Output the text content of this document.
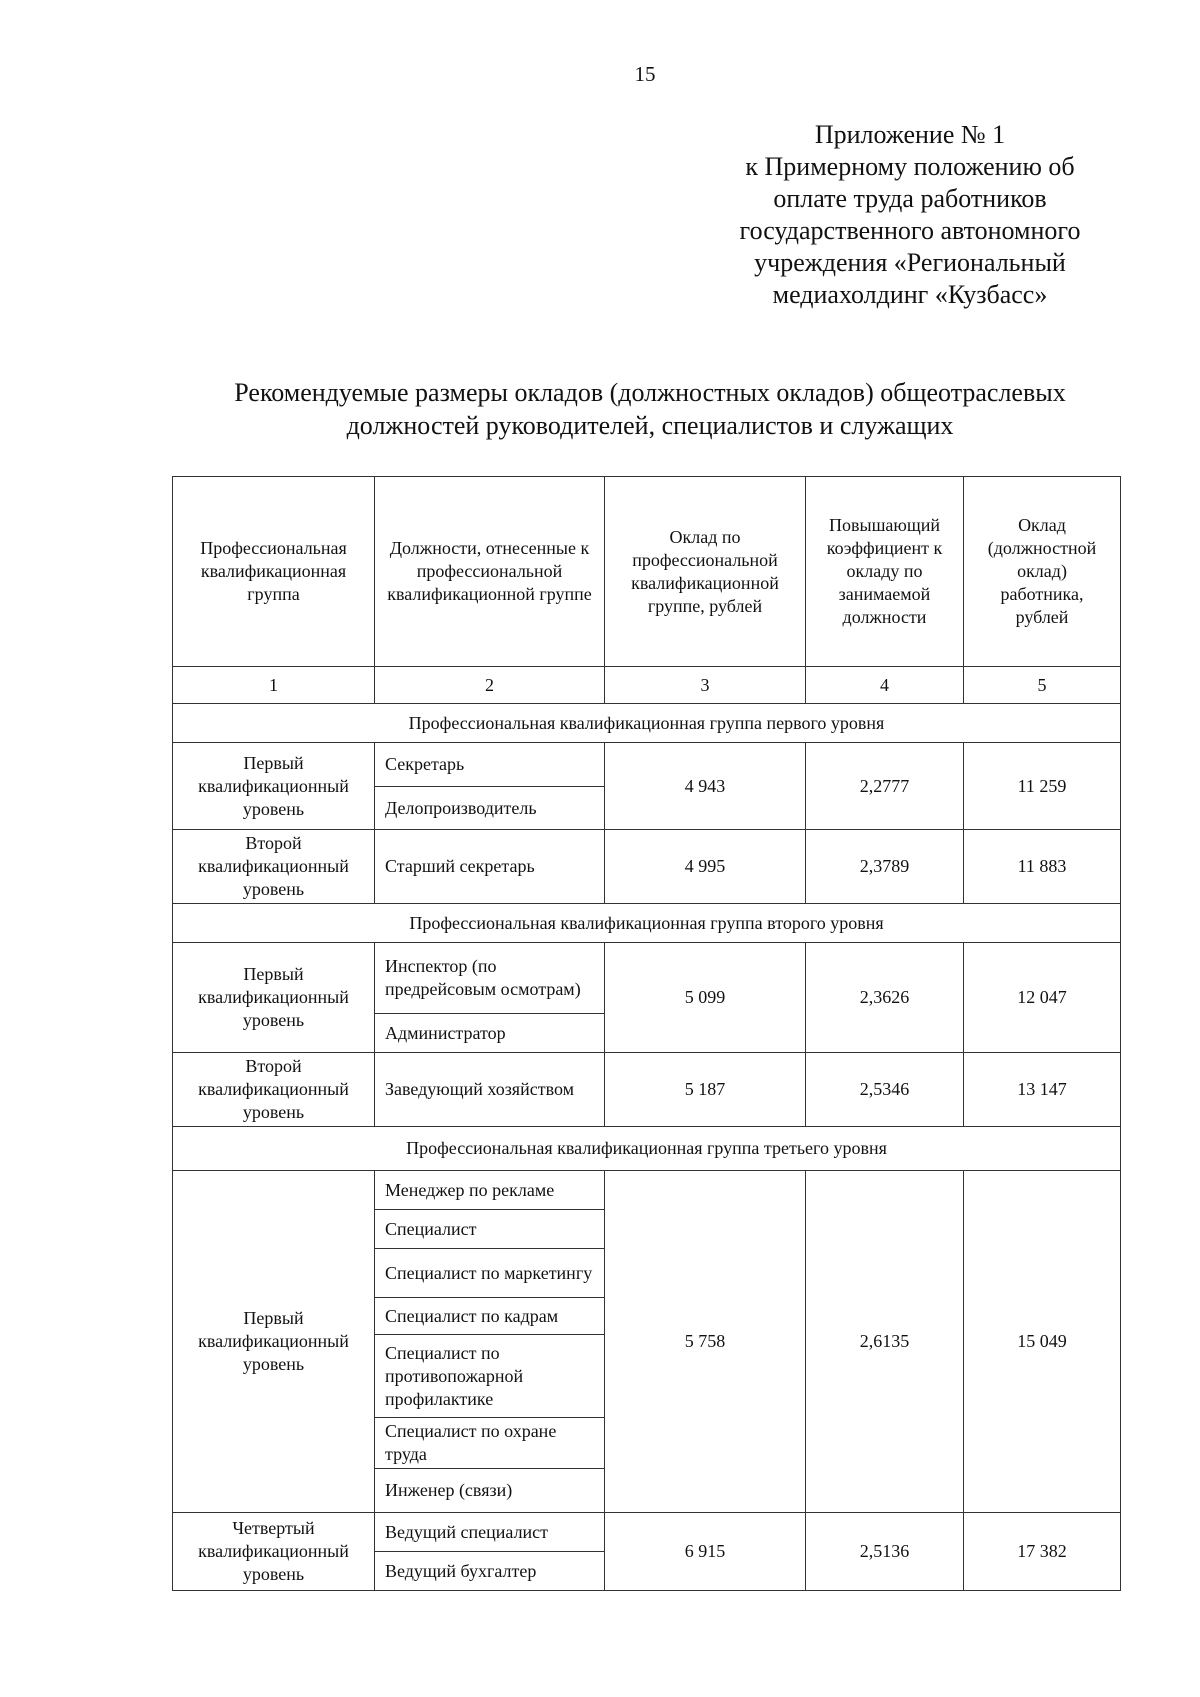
15
Приложение № 1
к Примерному положению об
оплате труда работников
государственного автономного
учреждения «Региональный
медиахолдинг «Кузбасс»
Рекомендуемые размеры окладов (должностных окладов) общеотраслевых
должностей руководителей, специалистов и служащих
Профессиональная квалификационная группа	Должности, отнесенные к профессиональной квалификационной группе	Оклад по профессиональной квалификационной группе, рублей	Повышающий коэффициент к окладу по занимаемой должности	Оклад (должностной оклад) работника, рублей
1	2	3	4	5
Профессиональная квалификационная группа первого уровня				
Первый квалификационный уровень	Секретарь	4 943	2,2777	11 259
	Делопроизводитель			
Второй квалификационный уровень	Старший секретарь	4 995	2,3789	11 883
Профессиональная квалификационная группа второго уровня				
Первый квалификационный уровень	Инспектор (по предрейсовым осмотрам)	5 099	2,3626	12 047
	Администратор			
Второй квалификационный уровень	Заведующий хозяйством	5 187	2,5346	13 147
Профессиональная квалификационная группа третьего уровня				
Первый квалификационный уровень	Менеджер по рекламе	5 758	2,6135	15 049
	Специалист			
	Специалист по маркетингу			
	Специалист по кадрам			
	Специалист по противопожарной профилактике			
	Специалист по охране труда			
	Инженер (связи)			
Четвертый квалификационный уровень	Ведущий специалист	6 915	2,5136	17 382
	Ведущий бухгалтер			
